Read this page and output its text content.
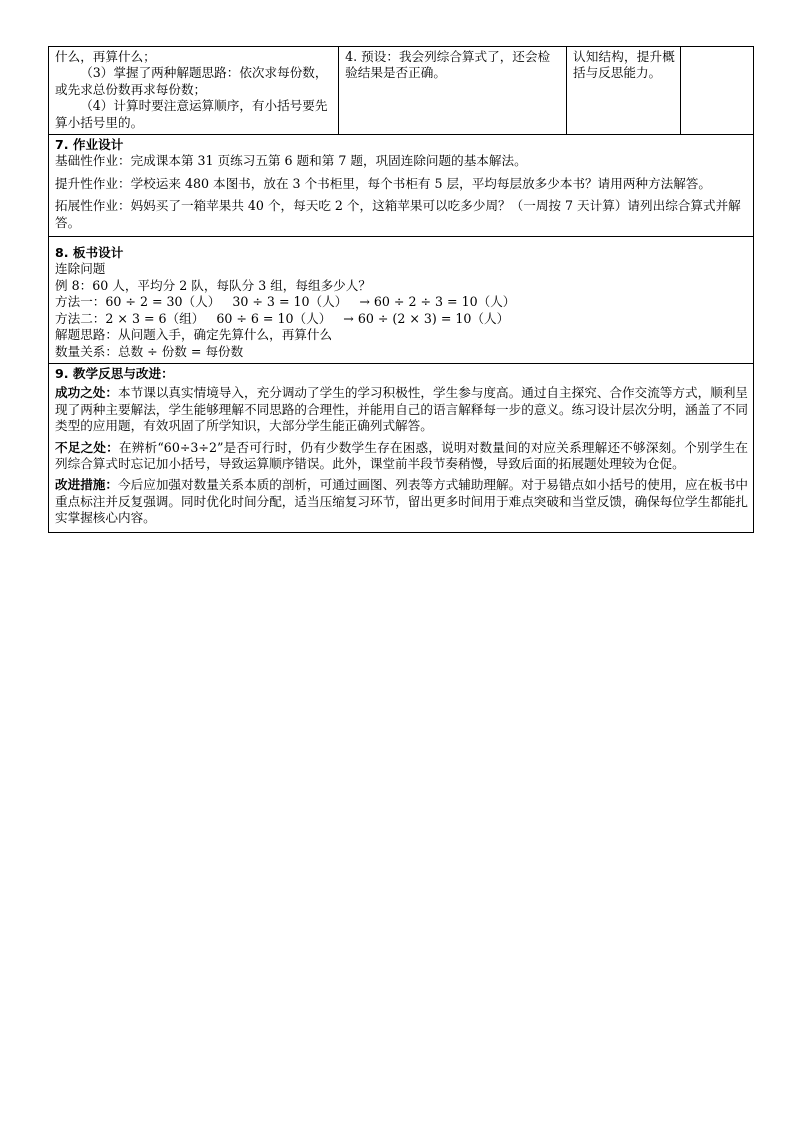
什么，再算什么；
（3）掌握了两种解题思路：依次求每份数，或先求总份数再求每份数；
（4）计算时要注意运算顺序，有小括号要先算小括号里的。

4. 预设：我会列综合算式了，还会检验结果是否正确。

认知结构，提升概括与反思能力。

7. 作业设计

基础性作业：完成课本第 31 页练习五第 6 题和第 7 题，巩固连除问题的基本解法。

提升性作业：学校运来 480 本图书，放在 3 个书柜里，每个书柜有 5 层，平均每层放多少本书？请用两种方法解答。

拓展性作业：妈妈买了一箱苹果共 40 个，每天吃 2 个，这箱苹果可以吃多少周？（一周按 7 天计算）请列出综合算式并解答。

8. 板书设计
连除问题
例 8：60 人，平均分 2 队，每队分 3 组，每组多少人？
方法一：60 ÷ 2 = 30（人）   30 ÷ 3 = 10（人）   → 60 ÷ 2 ÷ 3 = 10（人）
方法二：2 × 3 = 6（组）   60 ÷ 6 = 10（人）   → 60 ÷ (2 × 3) = 10（人）
解题思路：从问题入手，确定先算什么，再算什么
数量关系：总数 ÷ 份数 = 每份数

9. 教学反思与改进：

成功之处：本节课以真实情境导入，充分调动了学生的学习积极性，学生参与度高。通过自主探究、合作交流等方式，顺利呈现了两种主要解法，学生能够理解不同思路的合理性，并能用自己的语言解释每一步的意义。练习设计层次分明，涵盖了不同类型的应用题，有效巩固了所学知识，大部分学生能正确列式解答。

不足之处：在辨析“60÷3÷2”是否可行时，仍有少数学生存在困惑，说明对数量间的对应关系理解还不够深刻。个别学生在列综合算式时忘记加小括号，导致运算顺序错误。此外，课堂前半段节奏稍慢，导致后面的拓展题处理较为仓促。

改进措施：今后应加强对数量关系本质的剖析，可通过画图、列表等方式辅助理解。对于易错点如小括号的使用，应在板书中重点标注并反复强调。同时优化时间分配，适当压缩复习环节，留出更多时间用于难点突破和当堂反馈，确保每位学生都能扎实掌握核心内容。
